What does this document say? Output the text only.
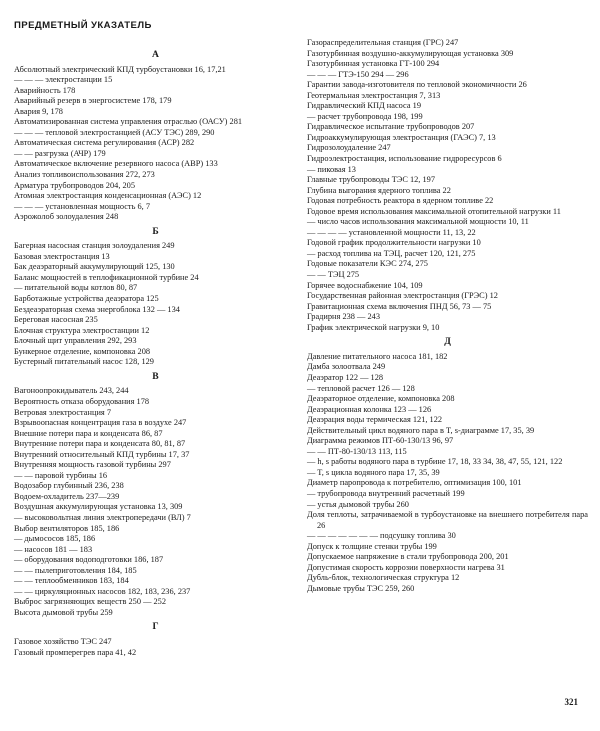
ПРЕДМЕТНЫЙ УКАЗАТЕЛЬ

А

Абсолютный электрический КПД турбоустановки 16, 17,21

— — — электростанции 15

Аварийность 178

Аварийный резерв в энергосистеме 178, 179

Авария 9, 178

Автоматизированная система управления отраслью (ОАСУ) 281

— — — тепловой электростанцией (АСУ ТЭС) 289, 290

Автоматическая система регулирования (АСР) 282

— — разгрузка (АЧР) 179

Автоматическое включение резервного насоса (АВР) 133

Анализ топливоиспользования 272, 273

Арматура трубопроводов 204, 205

Атомная электростанция конденсационная (АЭС) 12

— — — установленная мощность 6, 7

Аэрожолоб золоудаления 248

Б

Багерная насосная станция золоудаления 249

Базовая электростанция 13

Бак деаэраторный аккумулирующий 125, 130

Баланс мощностей в теплофикационной турбине 24

— питательной воды котлов 80, 87

Барботажные устройства деаэратора 125

Бездеаэраторная схема энергоблока 132 — 134

Береговая насосная 235

Блочная структура электростанции 12

Блочный щит управления 292, 293

Бункерное отделение, компоновка 208

Бустерный питательный насос 128, 129

В

Вагоноопрокидыватель 243, 244

Вероятность отказа оборудования 178

Ветровая электростанция 7

Взрывоопасная концентрация газа в воздухе 247

Внешние потери пара и конденсата 86, 87

Внутренние потери пара и конденсата 80, 81, 87

Внутренний относительный КПД турбины 17, 37

Внутренняя мощность газовой турбины 297

— — паровой турбины 16

Водозабор глубинный 236, 238

Водоем-охладитель 237—239

Воздушная аккумулирующая установка 13, 309

— высоковольтная линия электропередачи (ВЛ) 7

Выбор вентиляторов 185, 186

— дымососов 185, 186

— насосов 181 — 183

— оборудования водоподготовки 186, 187

— — пылеприготовления 184, 185

— — теплообменников 183, 184

— — циркуляционных насосов 182, 183, 236, 237

Выброс загрязняющих веществ 250 — 252

Высота дымовой трубы 259

Г

Газовое хозяйство ТЭС 247

Газовый промперегрев пара 41, 42

Газораспределительная станция (ГРС) 247

Газотурбинная воздушно-аккумулирующая установка 309

Газотурбинная установка ГТ-100 294

— — — ГТЭ-150 294 — 296

Гарантии завода-изготовителя по тепловой экономичности 26

Геотермальная электростанция 7, 313

Гидравлический КПД насоса 19

— расчет трубопровода 198, 199

Гидравлическое испытание трубопроводов 207

Гидроаккумулирующая электростанция (ГАЭС) 7, 13

Гидрозолоудаление 247

Гидроэлектростанция, использование гидроресурсов 6

— пиковая 13

Главные трубопроводы ТЭС 12, 197

Глубина выгорания ядерного топлива 22

Годовая потребность реактора в ядерном топливе 22

Годовое время использования максимальной отопительной нагрузки 11

— число часов использования максимальной мощности 10, 11

— — — — установленной мощности 11, 13, 22

Годовой график продолжительности нагрузки 10

— расход топлива на ТЭЦ, расчет 120, 121, 275

Годовые показатели КЭС 274, 275

— — ТЭЦ 275

Горячее водоснабжение 104, 109

Государственная районная электростанция (ГРЭС) 12

Гравитационная схема включения ПНД 56, 73 — 75

Градирня 238 — 243

График электрической нагрузки 9, 10

Д

Давление питательного насоса 181, 182

Дамба золоотвала 249

Деаэратор 122 — 128

— тепловой расчет 126 — 128

Деаэраторное отделение, компоновка 208

Деаэрационная колонка 123 — 126

Деаэрация воды термическая 121, 122

Действительный цикл водяного пара в T, s-диаграмме 17, 35, 39

Диаграмма режимов ПТ-60-130/13 96, 97

— — ПТ-80-130/13 113, 115

— h, s работы водяного пара в турбине 17, 18, 33 34, 38, 47, 55, 121, 122

— T, s цикла водяного пара 17, 35, 39

Диаметр паропровода к потребителю, оптимизация 100, 101

— трубопровода внутренний расчетный 199

— устья дымовой трубы 260

Доля теплоты, затрачиваемой в турбоустановке на внешнего потребителя пара 26

— — — — — — — подсушку топлива 30

Допуск к толщине стенки трубы 199

Допускаемое напряжение в стали трубопровода 200, 201

Допустимая скорость коррозии поверхности нагрева 31

Дубль-блок, технологическая структура 12

Дымовые трубы ТЭС 259, 260

321
